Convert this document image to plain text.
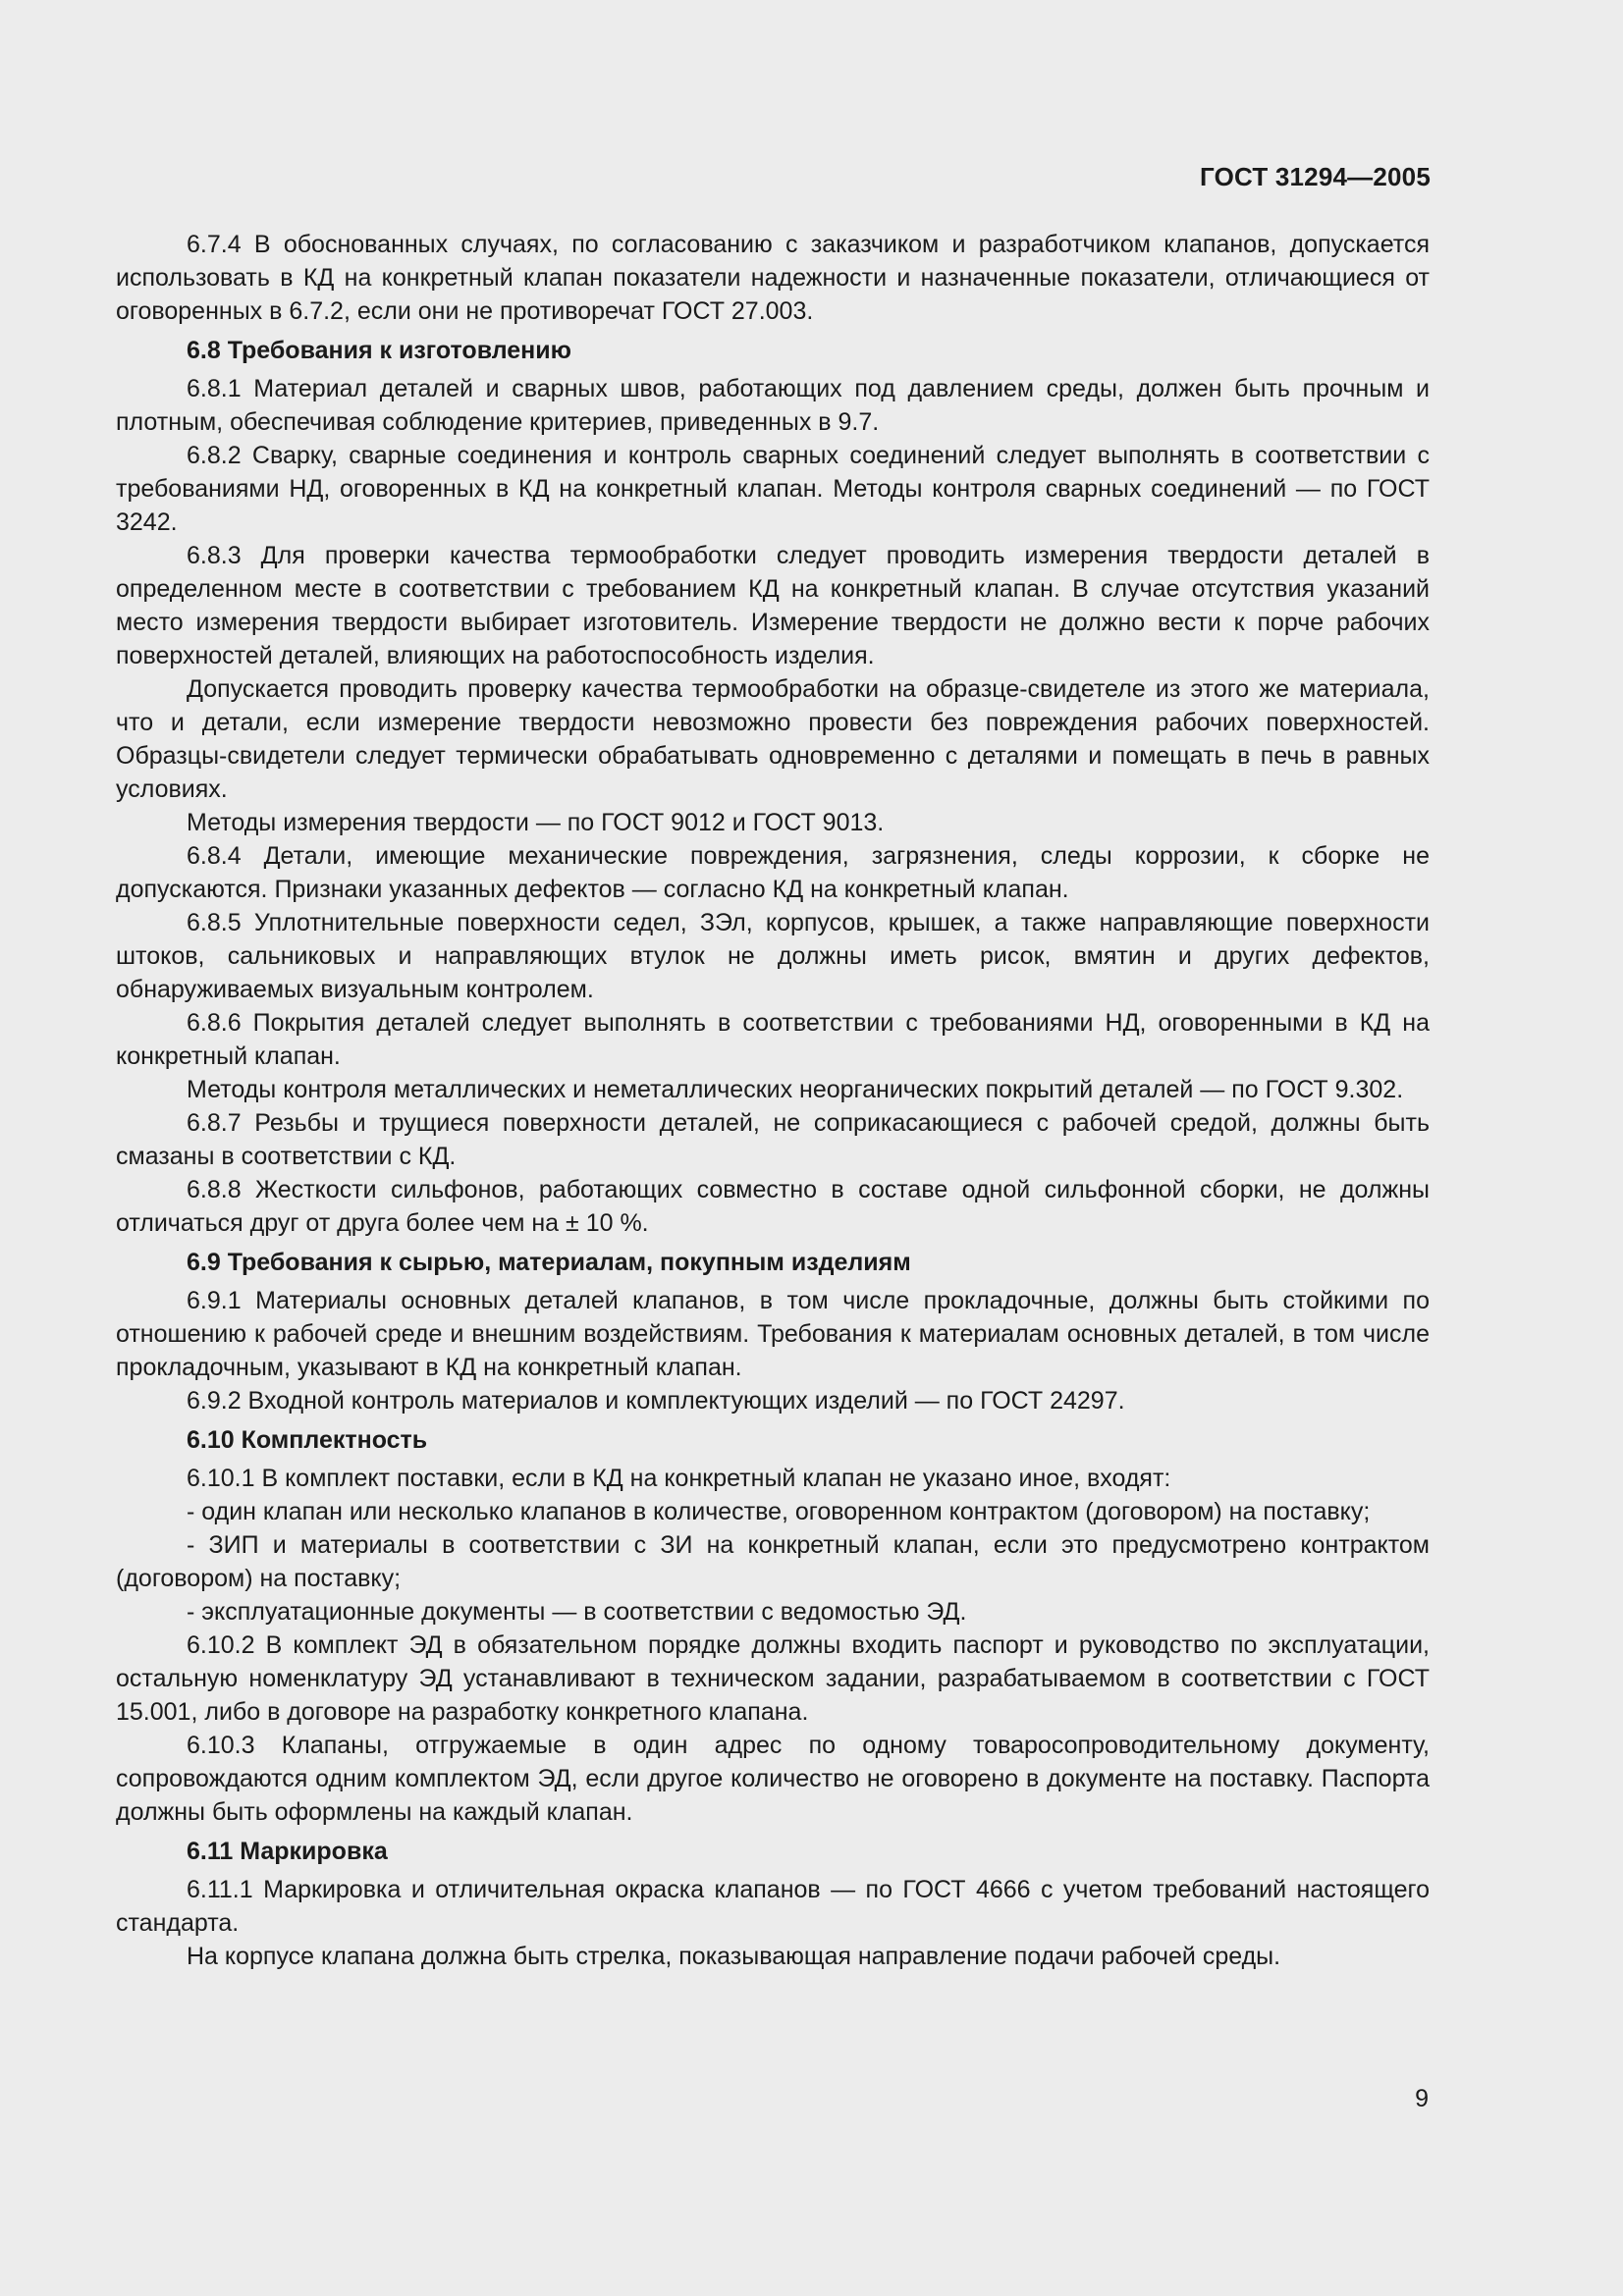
ГОСТ 31294—2005

6.7.4 В обоснованных случаях, по согласованию с заказчиком и разработчиком клапанов, допускается использовать в КД на конкретный клапан показатели надежности и назначенные показатели, отличающиеся от оговоренных в 6.7.2, если они не противоречат ГОСТ 27.003.

6.8 Требования к изготовлению

6.8.1 Материал деталей и сварных швов, работающих под давлением среды, должен быть прочным и плотным, обеспечивая соблюдение критериев, приведенных в 9.7.

6.8.2 Сварку, сварные соединения и контроль сварных соединений следует выполнять в соответствии с требованиями НД, оговоренных в КД на конкретный клапан. Методы контроля сварных соединений — по ГОСТ 3242.

6.8.3 Для проверки качества термообработки следует проводить измерения твердости деталей в определенном месте в соответствии с требованием КД на конкретный клапан. В случае отсутствия указаний место измерения твердости выбирает изготовитель. Измерение твердости не должно вести к порче рабочих поверхностей деталей, влияющих на работоспособность изделия.

Допускается проводить проверку качества термообработки на образце-свидетеле из этого же материала, что и детали, если измерение твердости невозможно провести без повреждения рабочих поверхностей. Образцы-свидетели следует термически обрабатывать одновременно с деталями и помещать в печь в равных условиях.

Методы измерения твердости — по ГОСТ 9012 и ГОСТ 9013.

6.8.4 Детали, имеющие механические повреждения, загрязнения, следы коррозии, к сборке не допускаются. Признаки указанных дефектов — согласно КД на конкретный клапан.

6.8.5 Уплотнительные поверхности седел, ЗЭл, корпусов, крышек, а также направляющие поверхности штоков, сальниковых и направляющих втулок не должны иметь рисок, вмятин и других дефектов, обнаруживаемых визуальным контролем.

6.8.6 Покрытия деталей следует выполнять в соответствии с требованиями НД, оговоренными в КД на конкретный клапан.

Методы контроля металлических и неметаллических неорганических покрытий деталей — по ГОСТ 9.302.

6.8.7 Резьбы и трущиеся поверхности деталей, не соприкасающиеся с рабочей средой, должны быть смазаны в соответствии с КД.

6.8.8 Жесткости сильфонов, работающих совместно в составе одной сильфонной сборки, не должны отличаться друг от друга более чем на ± 10 %.

6.9 Требования к сырью, материалам, покупным изделиям

6.9.1 Материалы основных деталей клапанов, в том числе прокладочные, должны быть стойкими по отношению к рабочей среде и внешним воздействиям. Требования к материалам основных деталей, в том числе прокладочным, указывают в КД на конкретный клапан.

6.9.2 Входной контроль материалов и комплектующих изделий — по ГОСТ 24297.

6.10 Комплектность

6.10.1 В комплект поставки, если в КД на конкретный клапан не указано иное, входят:

- один клапан или несколько клапанов в количестве, оговоренном контрактом (договором) на поставку;

- ЗИП и материалы в соответствии с ЗИ на конкретный клапан, если это предусмотрено контрактом (договором) на поставку;

- эксплуатационные документы — в соответствии с ведомостью ЭД.

6.10.2 В комплект ЭД в обязательном порядке должны входить паспорт и руководство по эксплуатации, остальную номенклатуру ЭД устанавливают в техническом задании, разрабатываемом в соответствии с ГОСТ 15.001, либо в договоре на разработку конкретного клапана.

6.10.3 Клапаны, отгружаемые в один адрес по одному товаросопроводительному документу, сопровождаются одним комплектом ЭД, если другое количество не оговорено в документе на поставку. Паспорта должны быть оформлены на каждый клапан.

6.11 Маркировка

6.11.1 Маркировка и отличительная окраска клапанов — по ГОСТ 4666 с учетом требований настоящего стандарта.

На корпусе клапана должна быть стрелка, показывающая направление подачи рабочей среды.

9
